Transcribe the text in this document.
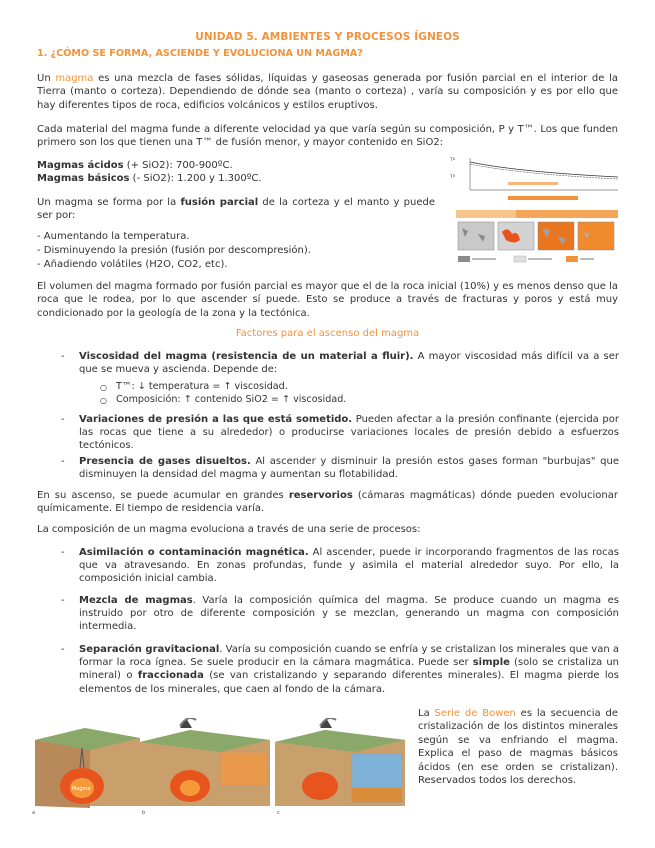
UNIDAD 5. AMBIENTES Y PROCESOS ÍGNEOS
1. ¿CÓMO SE FORMA, ASCIENDE Y EVOLUCIONA UN MAGMA?

Un magma es una mezcla de fases sólidas, líquidas y gaseosas generada por fusión parcial en el interior de la Tierra (manto o corteza). Dependiendo de dónde sea (manto o corteza) , varía su composición y es por ello que hay diferentes tipos de roca, edificios volcánicos y estilos eruptivos.

Cada material del magma funde a diferente velocidad ya que varía según su composición, P y T™. Los que funden primero son los que tienen una T™ de fusión menor, y mayor contenido en SiO2:

Magmas ácidos (+ SiO2): 700-900ºC.

Magmas básicos (- SiO2): 1.200 y 1.300ºC.

Un magma se forma por la fusión parcial de la corteza y el manto y puede ser por:

- Aumentando la temperatura.

- Disminuyendo la presión (fusión por descompresión).

- Añadiendo volátiles (H2O, CO2, etc).

Tª
Tª

El volumen del magma formado por fusión parcial es mayor que el de la roca inicial (10%) y es menos denso que la roca que le rodea, por lo que ascender sí puede. Esto se produce a través de fracturas y poros y está muy condicionado por la geología de la zona y la tectónica.

Factores para el ascenso del magma
- Viscosidad del magma (resistencia de un material a fluir). A mayor viscosidad más difícil va a ser que se mueva y ascienda. Depende de:
○ T™: ↓ temperatura = ↑ viscosidad.
○ Composición: ↑ contenido SiO2 = ↑ viscosidad.
- Variaciones de presión a las que está sometido. Pueden afectar a la presión confinante (ejercida por las rocas que tiene a su alrededor) o producirse variaciones locales de presión debido a esfuerzos tectónicos.
- Presencia de gases disueltos. Al ascender y disminuir la presión estos gases forman "burbujas" que disminuyen la densidad del magma y aumentan su flotabilidad.

En su ascenso, se puede acumular en grandes reservorios (cámaras magmáticas) dónde pueden evolucionar químicamente. El tiempo de residencia varía.

La composición de un magma evoluciona a través de una serie de procesos:

- Asimilación o contaminación magnética. Al ascender, puede ir incorporando fragmentos de las rocas que va atravesando. En zonas profundas, funde y asimila el material alrededor suyo. Por ello, la composición inicial cambia.
- Mezcla de magmas. Varía la composición química del magma. Se produce cuando un magma es instruido por otro de diferente composición y se mezclan, generando un magma con composición intermedia.
- Separación gravitacional. Varía su composición cuando se enfría y se cristalizan los minerales que van a formar la roca ígnea. Se suele producir en la cámara magmática. Puede ser simple (solo se cristaliza un mineral) o fraccionada (se van cristalizando y separando diferentes minerales). El magma pierde los elementos de los minerales, que caen al fondo de la cámara.
Magma
a	b	c

La Serie de Bowen es la secuencia de cristalización de los distintos minerales según se va enfriando el magma. Explica el paso de magmas básicos ácidos (en ese orden se cristalizan). Reservados todos los derechos.
